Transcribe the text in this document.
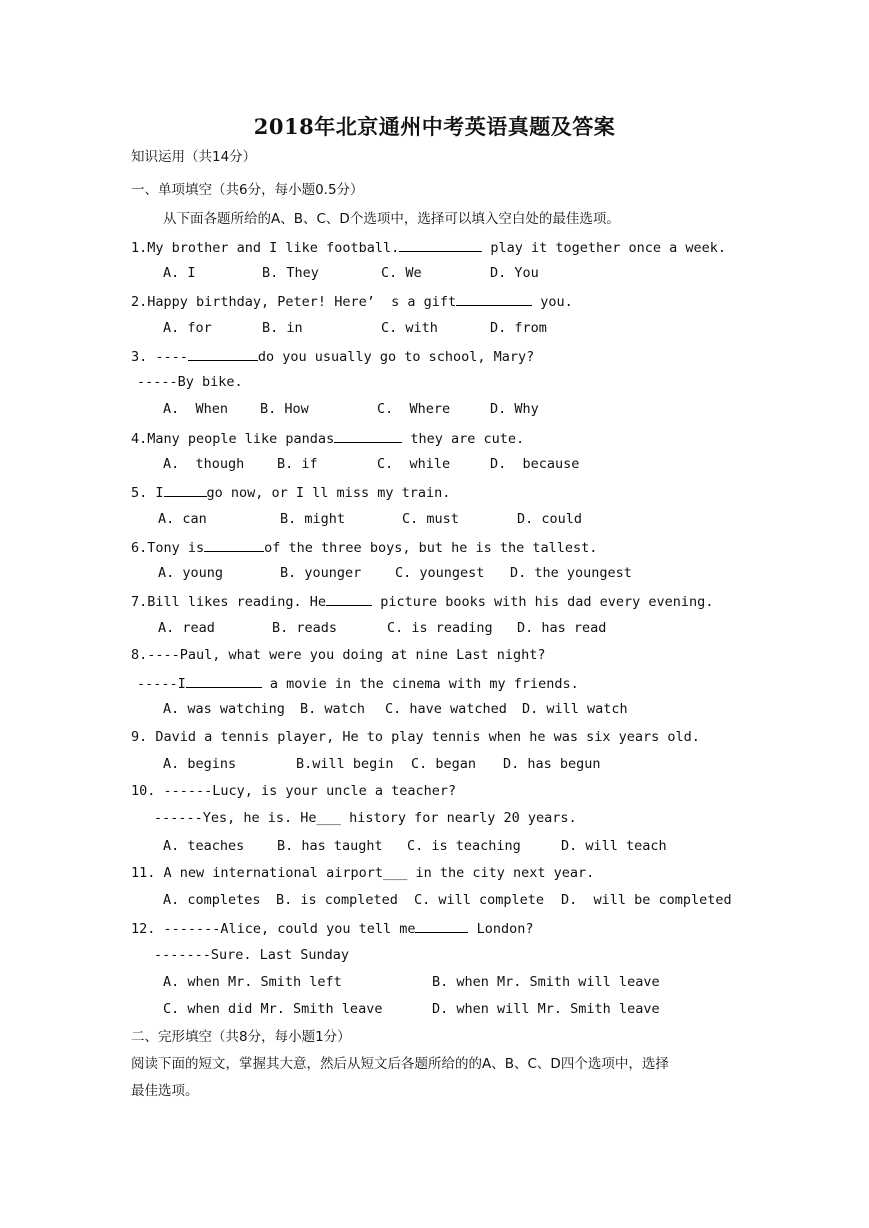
2018年北京通州中考英语真题及答案
知识运用（共14分）
一、单项填空（共6分，每小题0.5分）
从下面各题所给的A、B、C、D个选项中，选择可以填入空白处的最佳选项。
1.My brother and I like football.	play it together once a week.
A. I	B. They	C. We	D. You
2.Happy birthday, Peter! Here’  s a gift	you.
A. for	B. in	C. with	D. from
3. ----	do you usually go to school, Mary?
-----By bike.
A.  When B. How	C.  Where	D. Why
4.Many people like pandas	they are cute.
A.  though B. if	C.  while	D.  because
5. I	go now, or I ll miss my train.
A. can	B. might	C. must	D. could
6.Tony is	of the three boys, but he is the tallest.
A. young	B. younger C. youngest D. the youngest
7.Bill likes reading. He	picture books with his dad every evening.
A. read	B. reads	C. is reading D. has read
8.----Paul, what were you doing at nine Last night?
-----I	a movie in the cinema with my friends.
A. was watching B. watch C. have watched D. will watch
9. David a tennis player, He to play tennis when he was six years old.
A. begins	B.will begin C. began D. has begun
10. ------Lucy, is your uncle a teacher?
------Yes, he is. He___ history for nearly 20 years.
A. teaches B. has taught C. is teaching	D. will teach
11. A new international airport___ in the city next year.
A. completes B. is completed C. will complete D.  will be completed
12. -------Alice, could you tell me	London?
-------Sure. Last Sunday
A. when Mr. Smith left	B. when Mr. Smith will leave
C. when did Mr. Smith leave	D. when will Mr. Smith leave
二、完形填空（共8分，每小题1分）
阅读下面的短文，掌握其大意，然后从短文后各题所给的的A、B、C、D四个选项中，选择
最佳选项。
